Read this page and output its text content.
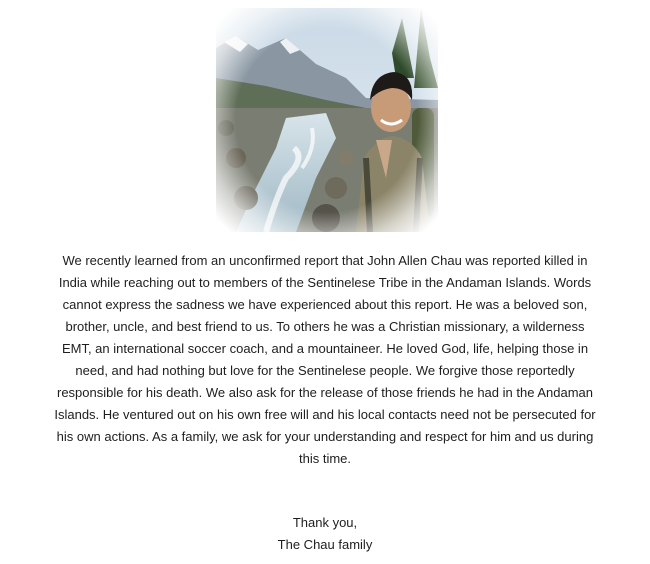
We recently learned from an unconfirmed report that John Allen Chau was reported killed in
India while reaching out to members of the Sentinelese Tribe in the Andaman Islands. Words
cannot express the sadness we have experienced about this report. He was a beloved son,
brother, uncle, and best friend to us. To others he was a Christian missionary, a wilderness
EMT, an international soccer coach, and a mountaineer. He loved God, life, helping those in
need, and had nothing but love for the Sentinelese people. We forgive those reportedly
responsible for his death. We also ask for the release of those friends he had in the Andaman
Islands. He ventured out on his own free will and his local contacts need not be persecuted for
his own actions. As a family, we ask for your understanding and respect for him and us during
this time.

Thank you,
The Chau family
